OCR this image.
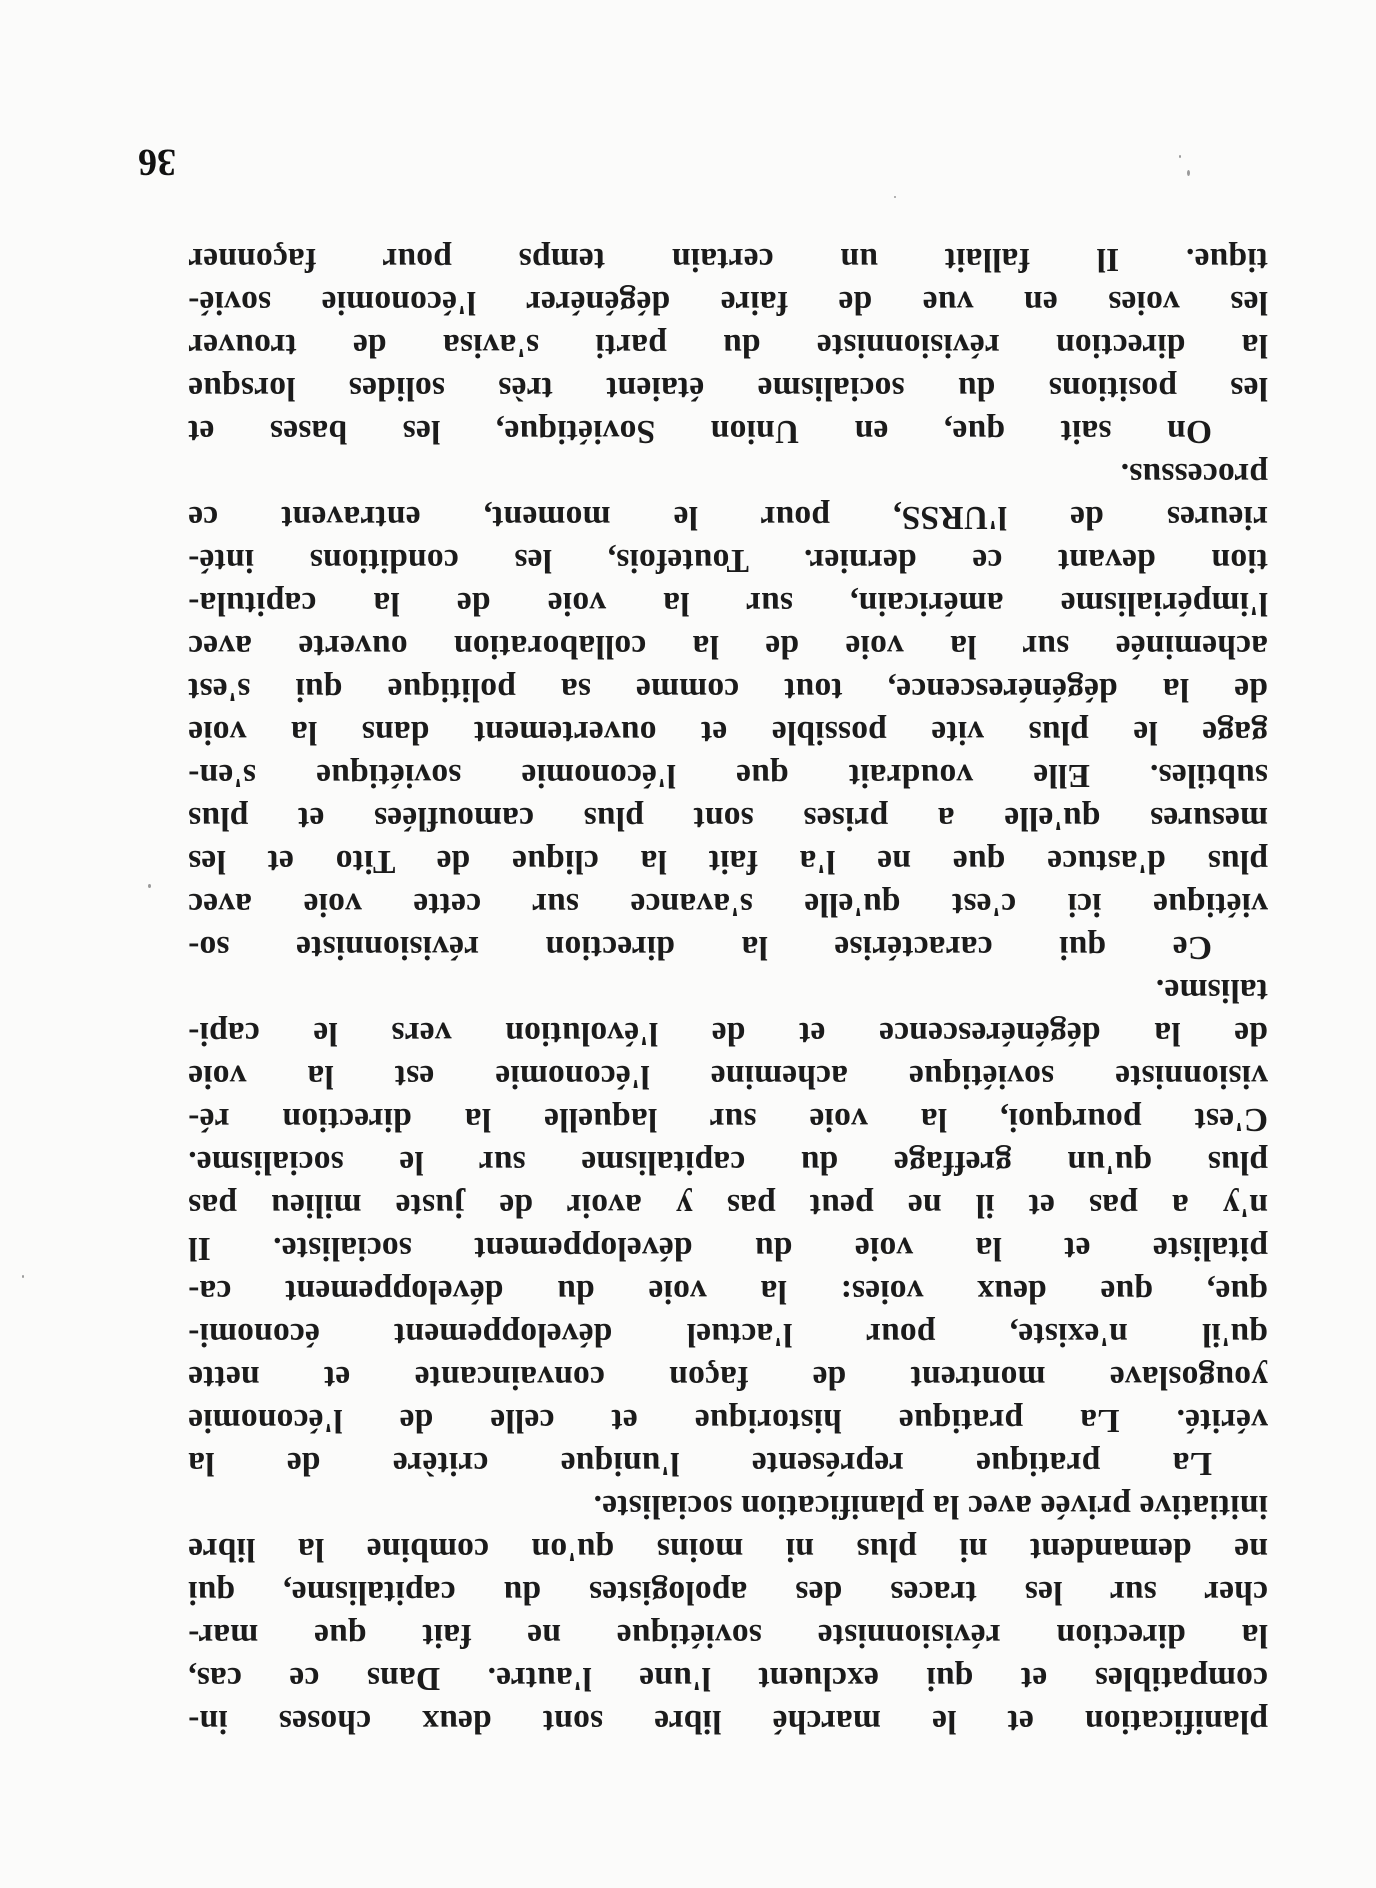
planification et le marché libre sont deux choses in-
compatibles et qui excluent l'une l'autre. Dans ce cas,
la direction révisionniste soviétique ne fait que mar-
cher sur les traces des apologistes du capitalisme, qui
ne demandent ni plus ni moins qu'on combine la libre
initiative privée avec la planification socialiste.
La pratique représente l'unique critère de la
vérité. La pratique historique et celle de l'économie
yougoslave montrent de façon convaincante et nette
qu'il n'existe, pour l'actuel développement économi-
que, que deux voies: la voie du développement ca-
pitaliste et la voie du développement socialiste. Il
n'y a pas et il ne peut pas y avoir de juste milieu pas
plus qu'un greffage du capitalisme sur le socialisme.
C'est pourquoi, la voie sur laquelle la direction ré-
visionniste soviétique achemine l'économie est la voie
de la dégénérescence et de l'évolution vers le capi-
talisme.
Ce qui caractérise la direction révisionniste so-
viétique ici c'est qu'elle s'avance sur cette voie avec
plus d'astuce que ne l'a fait la clique de Tito et les
mesures qu'elle a prises sont plus camouflées et plus
subtiles. Elle voudrait que l'économie soviétique s'en-
gage le plus vite possible et ouvertement dans la voie
de la dégénérescence, tout comme sa politique qui s'est
acheminée sur la voie de la collaboration ouverte avec
l'impérialisme américain, sur la voie de la capitula-
tion devant ce dernier. Toutefois, les conditions inté-
rieures de l'URSS, pour le moment, entravent ce
processus.
On sait que, en Union Soviétique, les bases et
les positions du socialisme étaient très solides lorsque
la direction révisionniste du parti s'avisa de trouver
les voies en vue de faire dégénérer l'économie sovié-
tique. Il fallait un certain temps pour façonner
36
